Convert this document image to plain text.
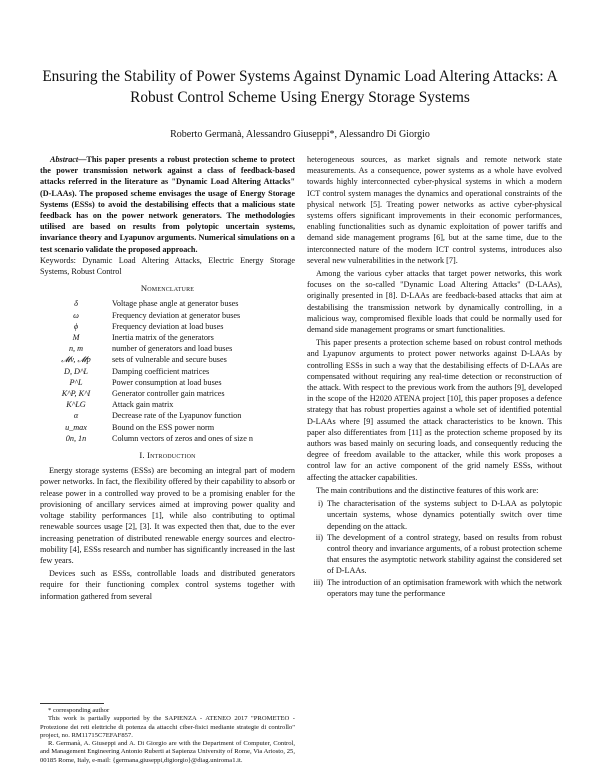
Ensuring the Stability of Power Systems Against Dynamic Load Altering Attacks: A Robust Control Scheme Using Energy Storage Systems
Roberto Germanà, Alessandro Giuseppi*, Alessandro Di Giorgio

Abstract—This paper presents a robust protection scheme to protect the power transmission network against a class of feedback-based attacks referred in the literature as "Dynamic Load Altering Attacks" (D-LAAs). The proposed scheme envisages the usage of Energy Storage Systems (ESSs) to avoid the destabilising effects that a malicious state feedback has on the power network generators. The methodologies utilised are based on results from polytopic uncertain systems, invariance theory and Lyapunov arguments. Numerical simulations on a test scenario validate the proposed approach.

Keywords: Dynamic Load Altering Attacks, Electric Energy Storage Systems, Robust Control

Nomenclature
δ	Voltage phase angle at generator buses
ω	Frequency deviation at generator buses
ϕ	Frequency deviation at load buses
M	Inertia matrix of the generators
n, m	number of generators and load buses
𝓜v, 𝓜p	sets of vulnerable and secure buses
D, D^L	Damping coefficient matrices
P^L	Power consumption at load buses
K^P, K^I	Generator controller gain matrices
K^LG	Attack gain matrix
α	Decrease rate of the Lyapunov function
u_max	Bound on the ESS power norm
0n, 1n	Column vectors of zeros and ones of size n
I. Introduction

Energy storage systems (ESSs) are becoming an integral part of modern power networks. In fact, the flexibility offered by their capability to absorb or release power in a controlled way proved to be a promising enabler for the provisioning of ancillary services aimed at improving power quality and voltage stability performances [1], while also contributing to optimal renewable sources usage [2], [3]. It was expected then that, due to the ever increasing penetration of distributed renewable energy sources and electro-mobility [4], ESSs research and number has significantly increased in the last few years.

Devices such as ESSs, controllable loads and distributed generators require for their functioning complex control systems together with information gathered from several

* corresponding author

This work is partially supported by the SAPIENZA - ATENEO 2017 "PROMETEO - Protezione dei reti elettriche di potenza da attacchi ciber-fisici mediante strategie di controllo" project, no. RM11715C7EFAF857.

R. Germanà, A. Giuseppi and A. Di Giorgio are with the Department of Computer, Control, and Management Engineering Antonio Ruberti at Sapienza University of Rome, Via Ariosto, 25, 00185 Rome, Italy, e-mail: {germana,giuseppi,digiorgio}@diag.uniroma1.it.

heterogeneous sources, as market signals and remote network state measurements. As a consequence, power systems as a whole have evolved towards highly interconnected cyber-physical systems in which a modern ICT control system manages the dynamics and operational constraints of the physical network [5]. Treating power networks as active cyber-physical systems offers significant improvements in their economic performances, enabling functionalities such as dynamic exploitation of power tariffs and demand side management programs [6], but at the same time, due to the interconnected nature of the modern ICT control systems, introduces also several new vulnerabilities in the network [7].

Among the various cyber attacks that target power networks, this work focuses on the so-called "Dynamic Load Altering Attacks" (D-LAAs), originally presented in [8]. D-LAAs are feedback-based attacks that aim at destabilising the transmission network by dynamically controlling, in a malicious way, compromised flexible loads that could be normally used for demand side management programs or smart functionalities.

This paper presents a protection scheme based on robust control methods and Lyapunov arguments to protect power networks against D-LAAs by controlling ESSs in such a way that the destabilising effects of D-LAAs are compensated without requiring any real-time detection or reconstruction of the attack. With respect to the previous work from the authors [9], developed in the scope of the H2020 ATENA project [10], this paper proposes a defence strategy that has robust properties against a whole set of identified potential D-LAAs where [9] assumed the attack characteristics to be known. This paper also differentiates from [11] as the protection scheme proposed by its authors was based mainly on securing loads, and consequently reducing the degree of freedom available to the attacker, while this work proposes a control law for an active component of the grid namely ESSs, without affecting the attacker capabilities.

The main contributions and the distinctive features of this work are:

i) The characterisation of the systems subject to D-LAA as polytopic uncertain systems, whose dynamics potentially switch over time depending on the attack.
ii) The development of a control strategy, based on results from robust control theory and invariance arguments, of a robust protection scheme that ensures the asymptotic network stability against the considered set of D-LAAs.
iii) The introduction of an optimisation framework with which the network operators may tune the performance
